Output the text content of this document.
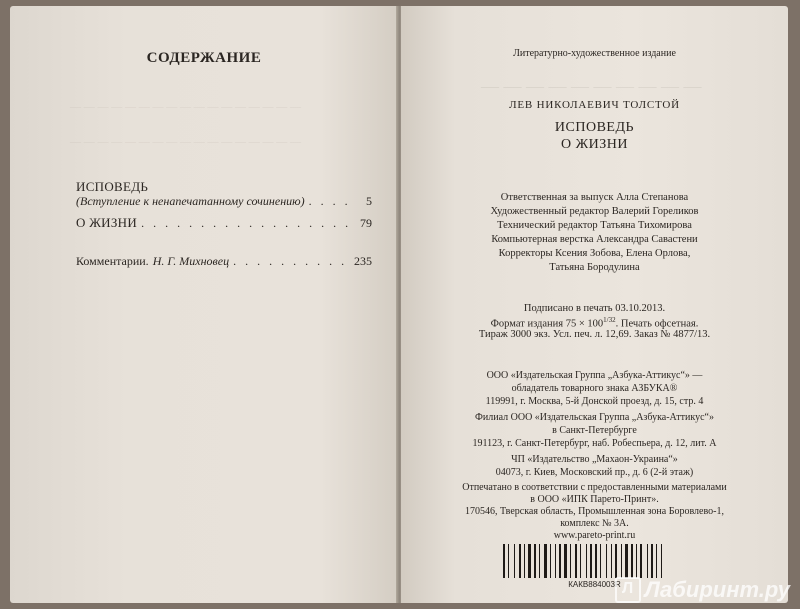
— — — — — — — — — — — — — — — — —
— — — — — — — — — — — — — — — — —
СОДЕРЖАНИЕ
ИСПОВЕДЬ
(Вступление к ненапечатанному сочинению) . . .	5
О ЖИЗНИ . . .	79
Комментарии. Н. Г. Михновец . . .	235
— — — — — — — — — —
Литературно-художественное издание
ЛЕВ НИКОЛАЕВИЧ ТОЛСТОЙ
ИСПОВЕДЬ
О ЖИЗНИ
Ответственная за выпуск Алла Степанова
Художественный редактор Валерий Гореликов
Технический редактор Татьяна Тихомирова
Компьютерная верстка Александра Савастени
Корректоры Ксения Зобова, Елена Орлова,
Татьяна Бородулина
Подписано в печать 03.10.2013.
Формат издания $75 \times 100^{1/32}$. Печать офсетная.
Тираж 3000 экз. Усл. печ. л. 12,69. Заказ № 4877/13.
ООО «Издательская Группа „Азбука-Аттикус“» —
обладатель товарного знака АЗБУКА®
119991, г. Москва, 5-й Донской проезд, д. 15, стр. 4
Филиал ООО «Издательская Группа „Азбука-Аттикус“»
в Санкт-Петербурге
191123, г. Санкт-Петербург, наб. Робеспьера, д. 12, лит. А
ЧП «Издательство „Махаон-Украина“»
04073, г. Киев, Московский пр., д. 6 (2-й этаж)
Отпечатано в соответствии с предоставленными материалами
в ООО «ИПК Парето-Принт».
170546, Тверская область, Промышленная зона Боровлево-1,
комплекс № 3А.
www.pareto-print.ru
КАКВ884003R Л Лабиринт.ру
